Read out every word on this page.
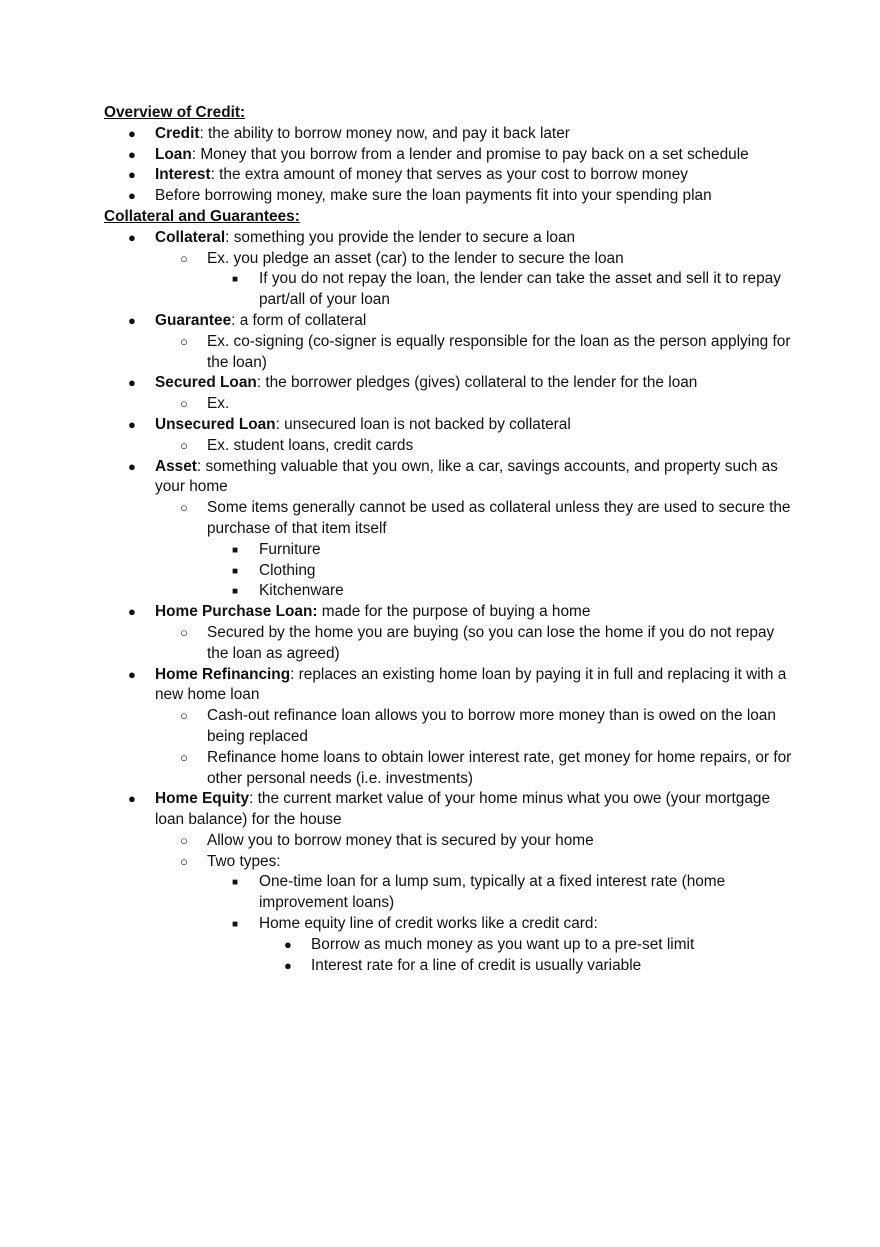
Overview of Credit:

●
Credit: the ability to borrow money now, and pay it back later
●
Loan: Money that you borrow from a lender and promise to pay back on a set schedule
●
Interest: the extra amount of money that serves as your cost to borrow money
●
Before borrowing money, make sure the loan payments fit into your spending plan

Collateral and Guarantees:

●
Collateral: something you provide the lender to secure a loan
○
Ex. you pledge an asset (car) to the lender to secure the loan
■
If you do not repay the loan, the lender can take the asset and sell it to repay part/all of your loan
●
Guarantee: a form of collateral
○
Ex. co-signing (co-signer is equally responsible for the loan as the person applying for the loan)
●
Secured Loan: the borrower pledges (gives) collateral to the lender for the loan
○
Ex.
●
Unsecured Loan: unsecured loan is not backed by collateral
○
Ex. student loans, credit cards
●
Asset: something valuable that you own, like a car, savings accounts, and property such as your home
○
Some items generally cannot be used as collateral unless they are used to secure the purchase of that item itself
■
Furniture
■
Clothing
■
Kitchenware
●
Home Purchase Loan: made for the purpose of buying a home
○
Secured by the home you are buying (so you can lose the home if you do not repay the loan as agreed)
●
Home Refinancing: replaces an existing home loan by paying it in full and replacing it with a new home loan
○
Cash-out refinance loan allows you to borrow more money than is owed on the loan being replaced
○
Refinance home loans to obtain lower interest rate, get money for home repairs, or for other personal needs (i.e. investments)
●
Home Equity: the current market value of your home minus what you owe (your mortgage loan balance) for the house
○
Allow you to borrow money that is secured by your home
○
Two types:
■
One-time loan for a lump sum, typically at a fixed interest rate (home improvement loans)
■
Home equity line of credit works like a credit card:
●
Borrow as much money as you want up to a pre-set limit
●
Interest rate for a line of credit is usually variable
